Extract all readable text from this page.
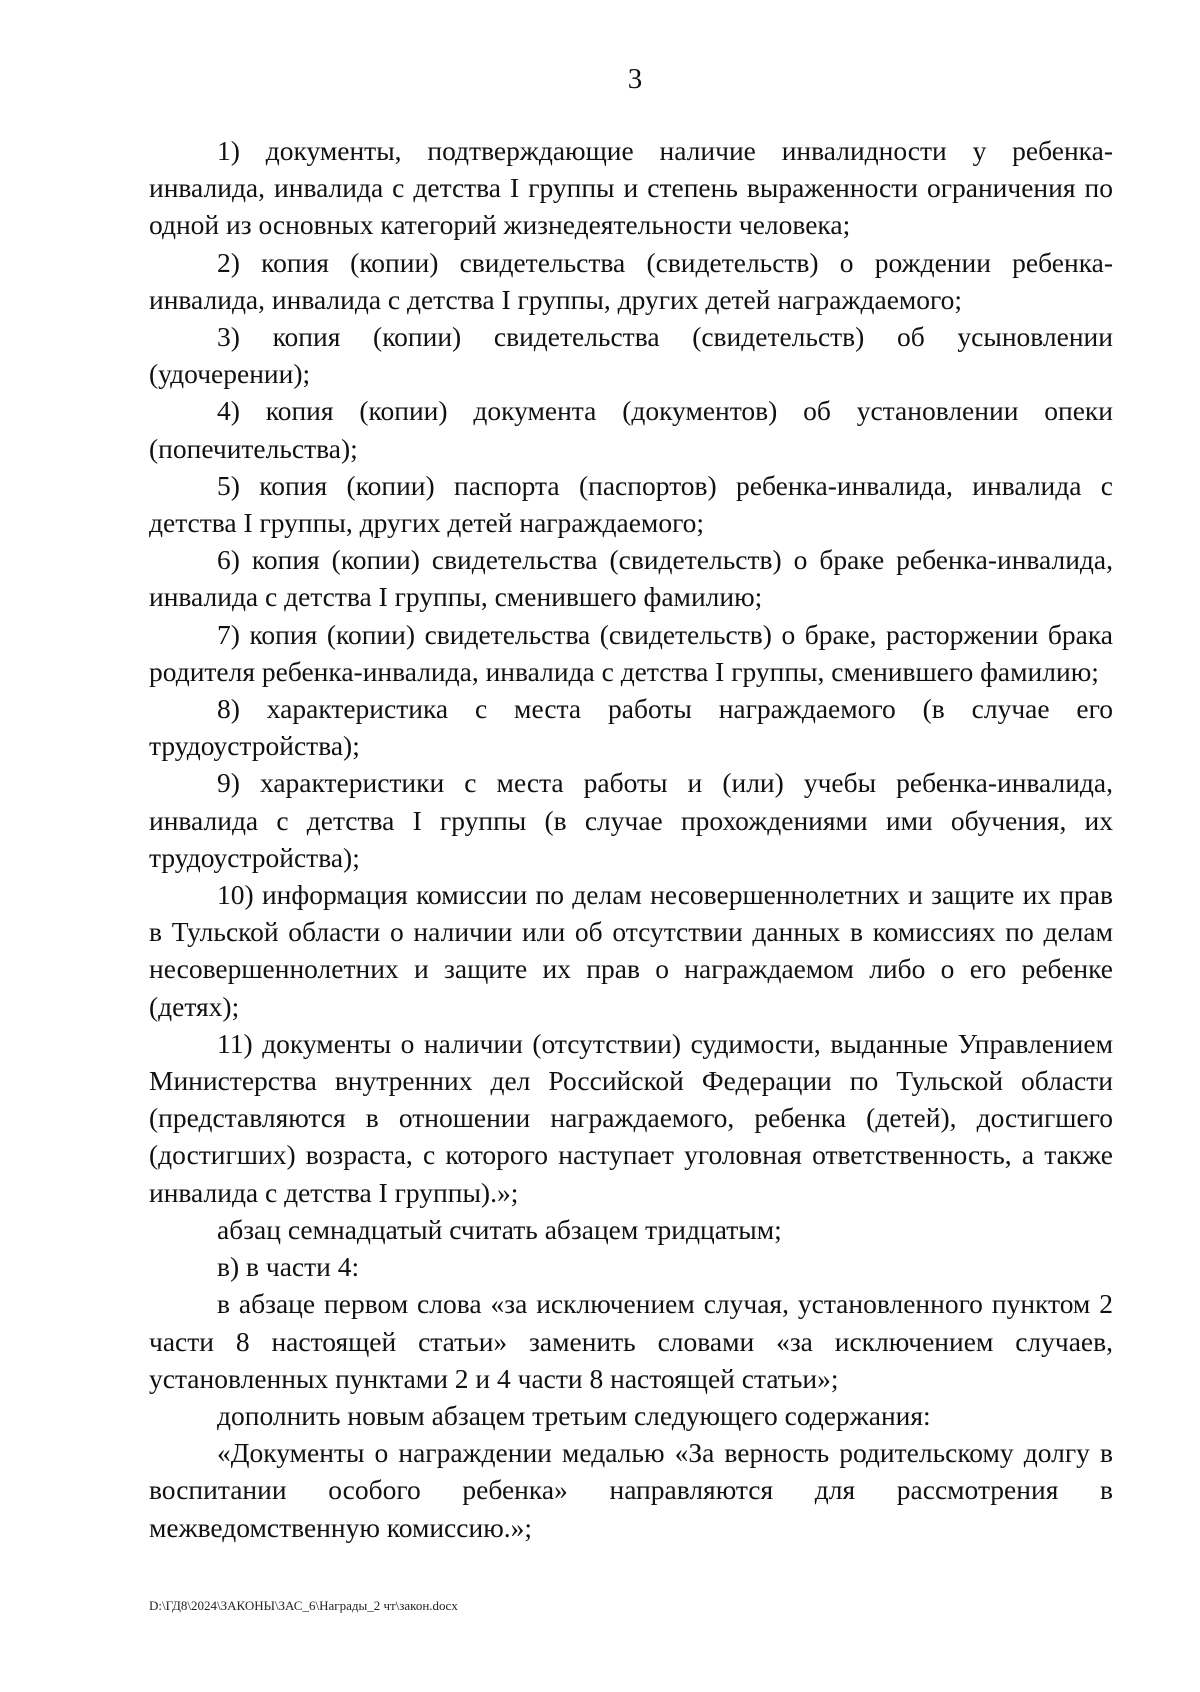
3

1) документы, подтверждающие наличие инвалидности у ребенка-инвалида, инвалида с детства I группы и степень выраженности ограничения по одной из основных категорий жизнедеятельности человека;

2) копия (копии) свидетельства (свидетельств) о рождении ребенка-инвалида, инвалида с детства I группы, других детей награждаемого;

3) копия (копии) свидетельства (свидетельств) об усыновлении (удочерении);

4) копия (копии) документа (документов) об установлении опеки (попечительства);

5) копия (копии) паспорта (паспортов) ребенка-инвалида, инвалида с детства I группы, других детей награждаемого;

6) копия (копии) свидетельства (свидетельств) о браке ребенка-инвалида, инвалида с детства I группы, сменившего фамилию;

7) копия (копии) свидетельства (свидетельств) о браке, расторжении брака родителя ребенка-инвалида, инвалида с детства I группы, сменившего фамилию;

8) характеристика с места работы награждаемого (в случае его трудоустройства);

9) характеристики с места работы и (или) учебы ребенка-инвалида, инвалида с детства I группы (в случае прохождениями ими обучения, их трудоустройства);

10) информация комиссии по делам несовершеннолетних и защите их прав в Тульской области о наличии или об отсутствии данных в комиссиях по делам несовершеннолетних и защите их прав о награждаемом либо о его ребенке (детях);

11) документы о наличии (отсутствии) судимости, выданные Управлением Министерства внутренних дел Российской Федерации по Тульской области (представляются в отношении награждаемого, ребенка (детей), достигшего (достигших) возраста, с которого наступает уголовная ответственность, а также инвалида с детства I группы).»;

абзац семнадцатый считать абзацем тридцатым;

в) в части 4:

в абзаце первом слова «за исключением случая, установленного пунктом 2 части 8 настоящей статьи» заменить словами «за исключением случаев, установленных пунктами 2 и 4 части 8 настоящей статьи»;

дополнить новым абзацем третьим следующего содержания:

«Документы о награждении медалью «За верность родительскому долгу в воспитании особого ребенка» направляются для рассмотрения в межведомственную комиссию.»;

D:\ГД8\2024\ЗАКОНЫ\ЗАС_6\Награды_2 чт\закон.docx
